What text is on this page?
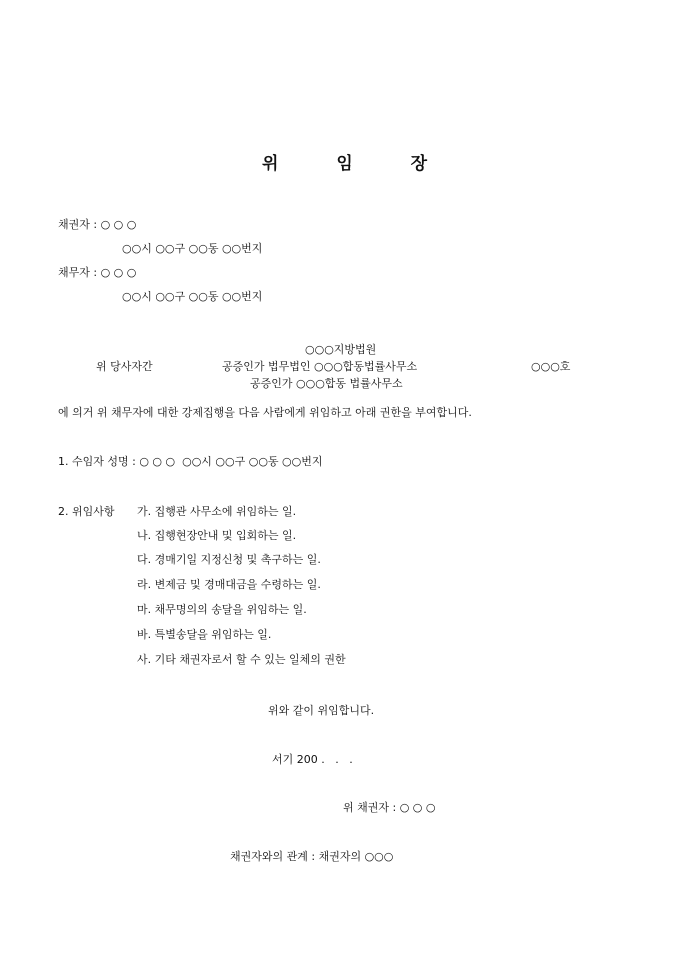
위 임 장
채권자 : ○ ○ ○
○○시 ○○구 ○○동 ○○번지
채무자 : ○ ○ ○
○○시 ○○구 ○○동 ○○번지
○○○지방법원
위 당사자간	공증인가 법무법인 ○○○합동법률사무소	○○○호
공증인가 ○○○합동 법률사무소
에 의거 위 채무자에 대한 강제집행을 다음 사람에게 위임하고 아래 권한을 부여합니다.
1. 수임자 성명 : ○ ○ ○  ○○시 ○○구 ○○동 ○○번지
2. 위임사항 가. 집행관 사무소에 위임하는 일.
나. 집행현장안내 및 입회하는 일.
다. 경매기일 지정신청 및 촉구하는 일.
라. 변제금 및 경매대금을 수령하는 일.
마. 채무명의의 송달을 위임하는 일.
바. 특별송달을 위임하는 일.
사. 기타 채권자로서 할 수 있는 일체의 권한
위와 같이 위임합니다.
서기 200 .   .   .
위 채권자 : ○ ○ ○
채권자와의 관계 : 채권자의 ○○○
